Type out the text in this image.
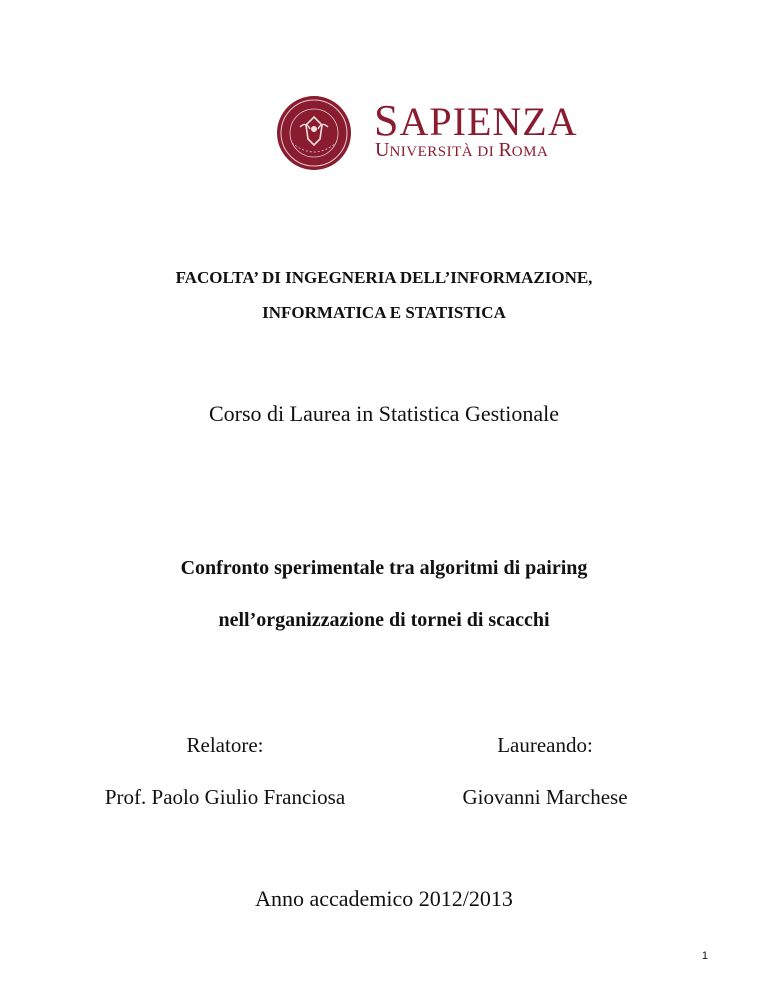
SAPIENZA
UNIVERSITÀ DI ROMA
FACOLTA’ DI INGEGNERIA DELL’INFORMAZIONE,
INFORMATICA E STATISTICA
Corso di Laurea in Statistica Gestionale
Confronto sperimentale tra algoritmi di pairing
nell’organizzazione di tornei di scacchi
Relatore:	Laureando:
Prof. Paolo Giulio Franciosa	Giovanni Marchese
Anno accademico 2012/2013
1
